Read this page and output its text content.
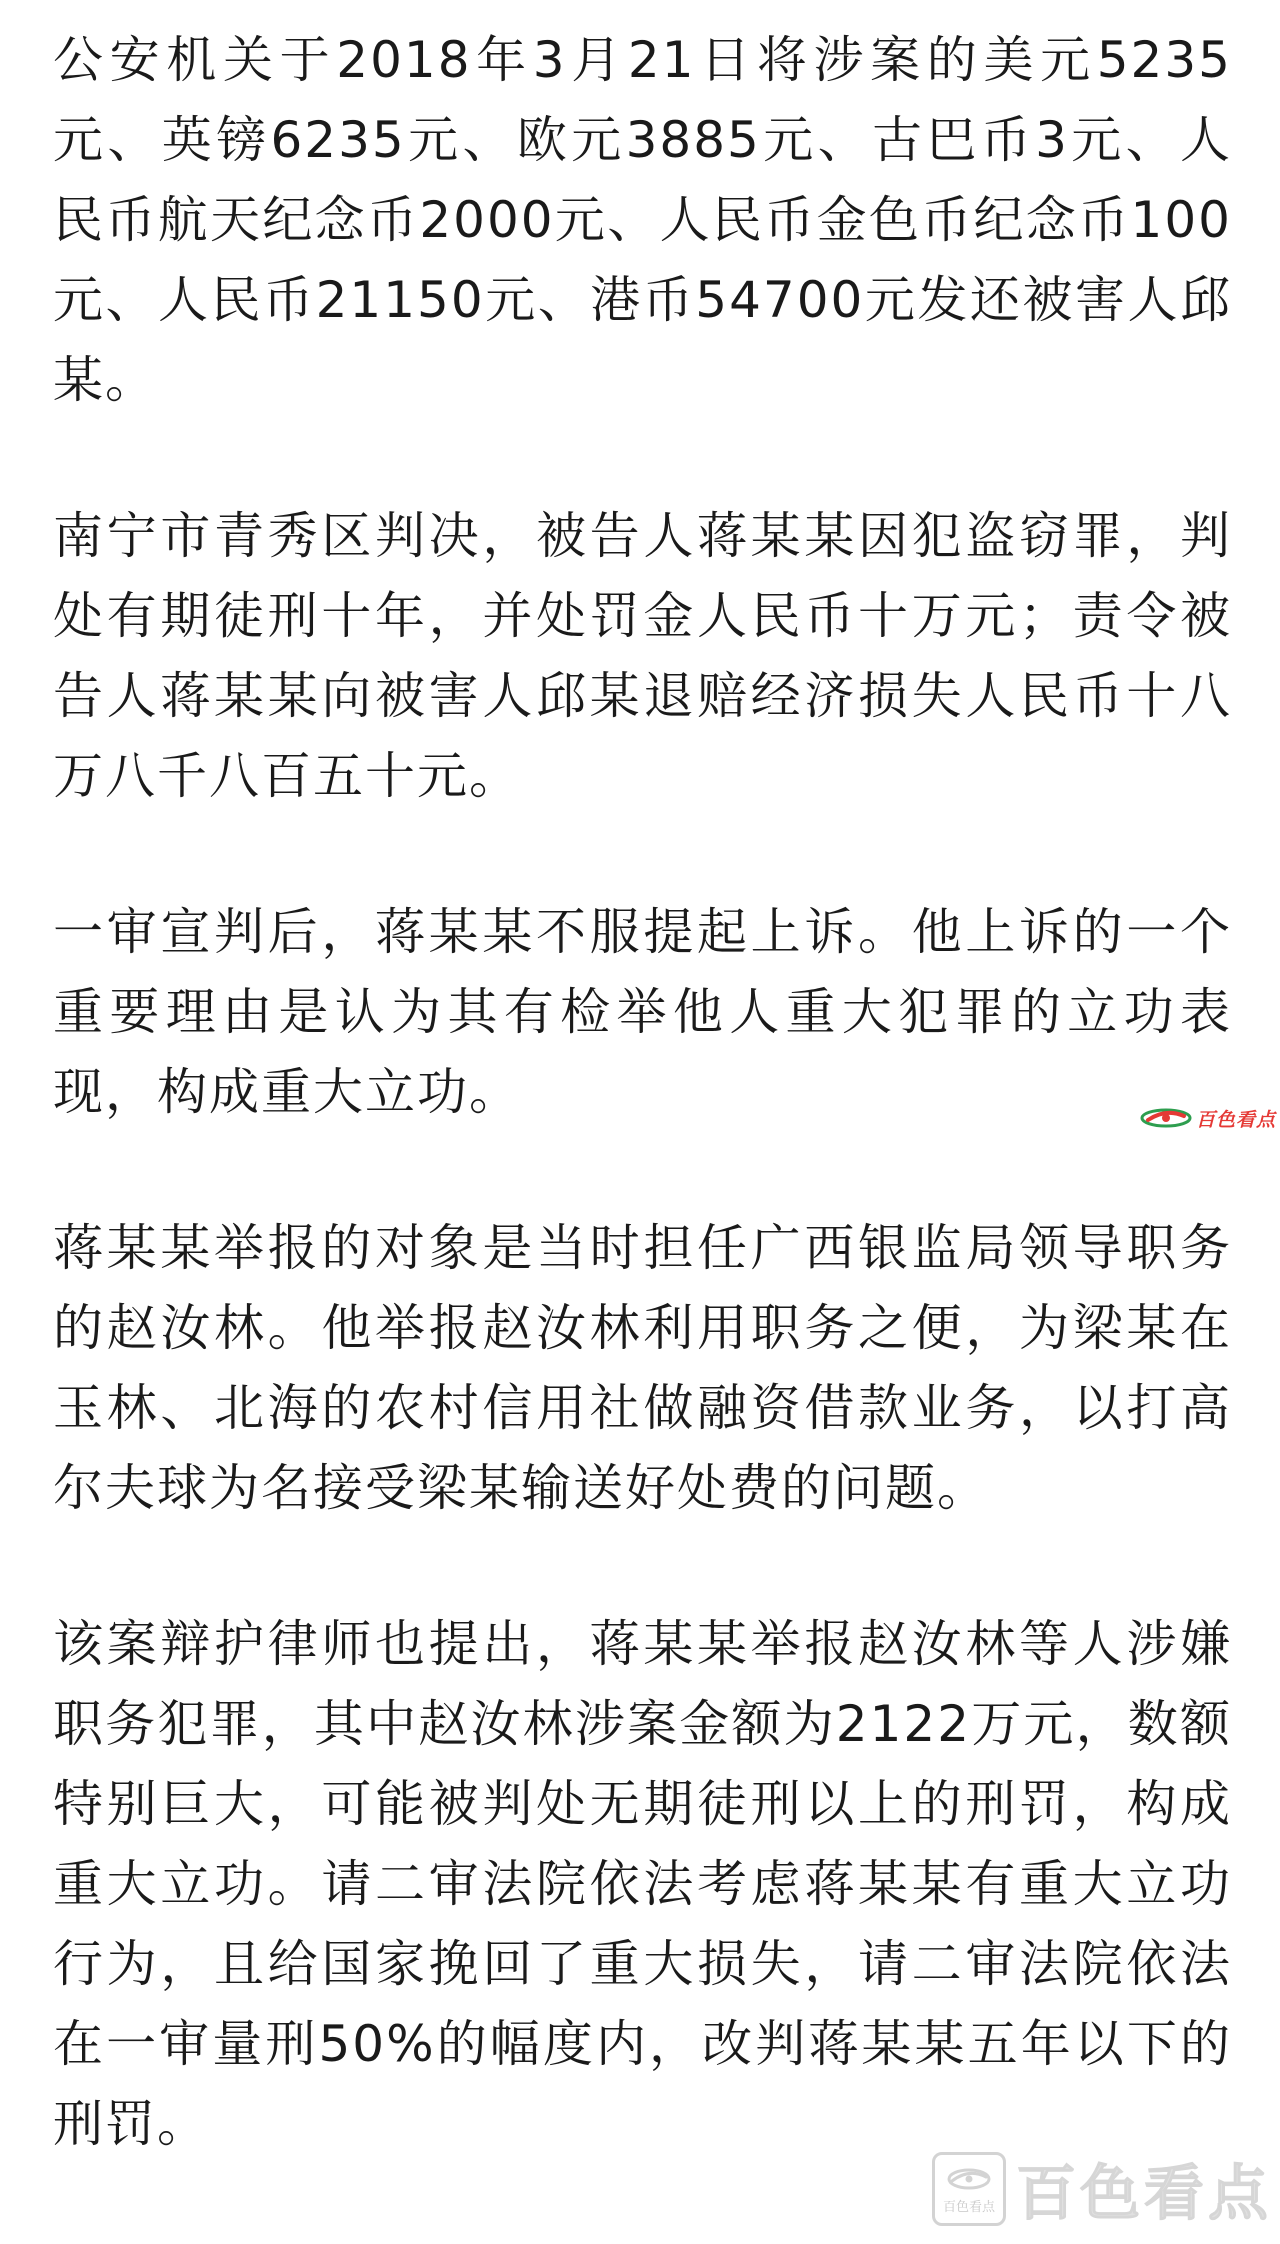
公安机关于2018年3月21日将涉案的美元5235元、英镑6235元、欧元3885元、古巴币3元、人民币航天纪念币2000元、人民币金色币纪念币100元、人民币21150元、港币54700元发还被害人邱某。

南宁市青秀区判决，被告人蒋某某因犯盗窃罪，判处有期徒刑十年，并处罚金人民币十万元；责令被告人蒋某某向被害人邱某退赔经济损失人民币十八万八千八百五十元。

一审宣判后，蒋某某不服提起上诉。他上诉的一个重要理由是认为其有检举他人重大犯罪的立功表现，构成重大立功。

蒋某某举报的对象是当时担任广西银监局领导职务的赵汝林。他举报赵汝林利用职务之便，为梁某在玉林、北海的农村信用社做融资借款业务，以打高尔夫球为名接受梁某输送好处费的问题。

该案辩护律师也提出，蒋某某举报赵汝林等人涉嫌职务犯罪，其中赵汝林涉案金额为2122万元，数额特别巨大，可能被判处无期徒刑以上的刑罚，构成重大立功。请二审法院依法考虑蒋某某有重大立功行为，且给国家挽回了重大损失，请二审法院依法在一审量刑50%的幅度内，改判蒋某某五年以下的刑罚。

百色看点
百色看点 百色看点
